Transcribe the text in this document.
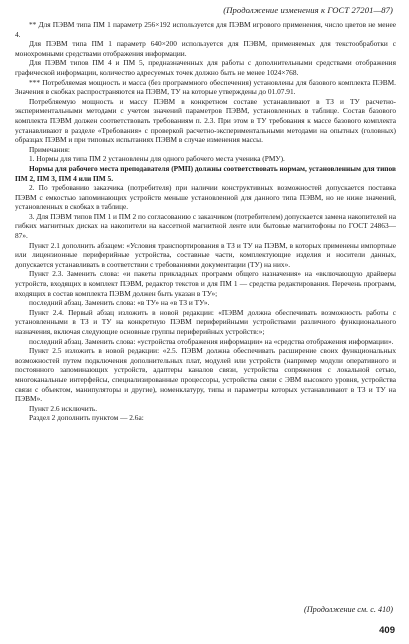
(Продолжение изменения к ГОСТ 27201—87)

** Для ПЭВМ типа ПМ 1 параметр 256×192 используется для ПЭВМ игрового применения, число цветов не менее 4.

Для ПЭВМ типа ПМ 1 параметр 640×200 используется для ПЭВМ, применяемых для текстообработки с монохромными средствами отображения информации.

Для ПЭВМ типов ПМ 4 и ПМ 5, предназначенных для работы с дополнительными средствами отображения графической информации, количество адресуемых точек должно быть не менее 1024×768.

*** Потребляемая мощность и масса (без программного обеспечения) установлены для базового комплекта ПЭВМ. Значения в скобках распространяются на ПЭВМ, ТУ на которые утверждены до 01.07.91.

Потребляемую мощность и массу ПЭВМ в конкретном составе устанавливают в ТЗ и ТУ расчетно-экспериментальными методами с учетом значений параметров ПЭВМ, установленных в таблице. Состав базового комплекта ПЭВМ должен соответствовать требованиям п. 2.3. При этом в ТУ требования к массе базового комплекта устанавливают в разделе «Требования» с проверкой расчетно-экспериментальными методами на опытных (головных) образцах ПЭВМ и при типовых испытаниях ПЭВМ в случае изменения массы.

Примечания:

1. Нормы для типа ПМ 2 установлены для одного рабочего места ученика (РМУ).

Нормы для рабочего места преподавателя (РМП) должны соответствовать нормам, установленным для типов ПМ 2, ПМ 3, ПМ 4 или ПМ 5.

2. По требованию заказчика (потребителя) при наличии конструктивных возможностей допускается поставка ПЭВМ с емкостью запоминающих устройств меньше установленной для данного типа ПЭВМ, но не ниже значений, установленных в скобках в таблице.

3. Для ПЭВМ типов ПМ 1 и ПМ 2 по согласованию с заказчиком (потребителем) допускается замена накопителей на гибких магнитных дисках на накопители на кассетной магнитной ленте или бытовые магнитофоны по ГОСТ 24863—87».

Пункт 2.1 дополнить абзацем: «Условия транспортирования в ТЗ и ТУ на ПЭВМ, в которых применены импортные или лицензионные периферийные устройства, составные части, комплектующие изделия и носители данных, допускается устанавливать в соответствии с требованиями документации (ТУ) на них».

Пункт 2.3. Заменить слова: «и пакеты прикладных программ общего назначения» на «включающую драйверы устройств, входящих в комплект ПЭВМ, редактор текстов и для ПМ 1 — средства редактирования. Перечень программ, входящих в состав комплекта ПЭВМ должен быть указан в ТУ»;

последний абзац. Заменить слова: «в ТУ» на «в ТЗ и ТУ».

Пункт 2.4. Первый абзац изложить в новой редакции: «ПЭВМ должна обеспечивать возможность работы с установленными в ТЗ и ТУ на конкретную ПЭВМ периферийными устройствами различного функционального назначения, включая следующие основные группы периферийных устройств:»;

последний абзац. Заменить слова: «устройства отображения информации» на «средства отображения информации».

Пункт 2.5 изложить в новой редакции: «2.5. ПЭВМ должна обеспечивать расширение своих функциональных возможностей путем подключения дополнительных плат, модулей или устройств (например модули оперативного и постоянного запоминающих устройств, адаптеры каналов связи, устройства сопряжения с локальной сетью, многоканальные интерфейсы, специализированные процессоры, устройства связи с ЭВМ высокого уровня, устройства связи с объектом, манипуляторы и другие), номенклатуру, типы и параметры которых устанавливают в ТЗ и ТУ на ПЭВМ».

Пункт 2.6 исключить.

Раздел 2 дополнить пунктом — 2.6а:

(Продолжение см. с. 410)
409
